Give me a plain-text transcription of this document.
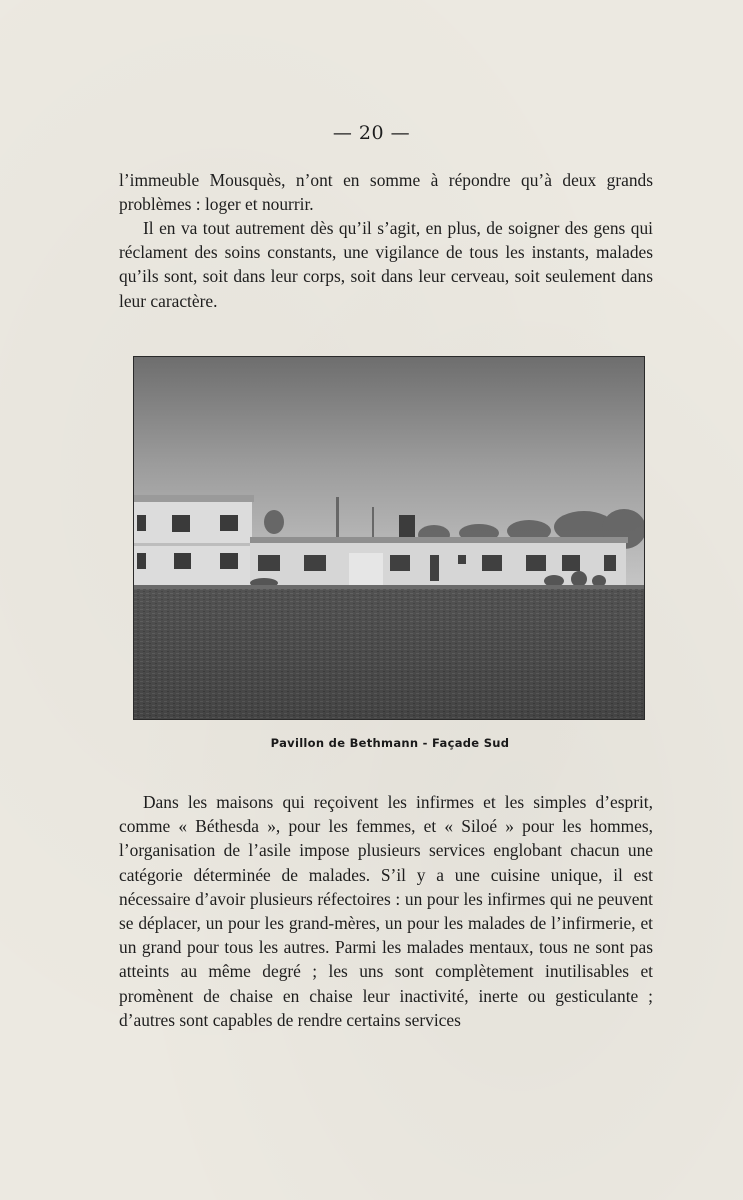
— 20 —

l’immeuble Mousquès, n’ont en somme à répondre qu’à deux grands problèmes : loger et nourrir.

Il en va tout autrement dès qu’il s’agit, en plus, de soigner des gens qui réclament des soins constants, une vigilance de tous les instants, malades qu’ils sont, soit dans leur corps, soit dans leur cerveau, soit seulement dans leur caractère.

Pavillon de Bethmann - Façade Sud

Dans les maisons qui reçoivent les infirmes et les simples d’esprit, comme « Béthesda », pour les femmes, et « Siloé » pour les hommes, l’organisation de l’asile impose plusieurs services englobant chacun une catégorie déterminée de malades. S’il y a une cuisine unique, il est nécessaire d’avoir plusieurs réfectoires : un pour les infirmes qui ne peuvent se déplacer, un pour les grand-mères, un pour les malades de l’infirmerie, et un grand pour tous les autres. Parmi les malades mentaux, tous ne sont pas atteints au même degré ; les uns sont complètement inutilisables et promènent de chaise en chaise leur inactivité, inerte ou gesticulante ; d’autres sont capables de rendre certains services
